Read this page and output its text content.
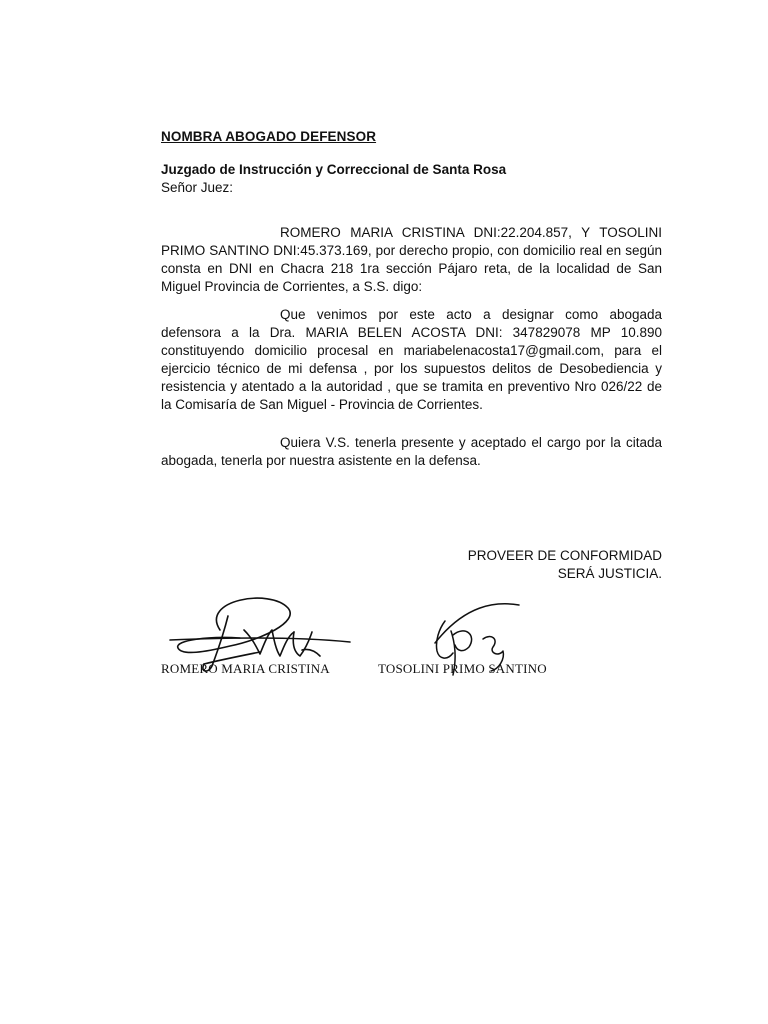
NOMBRA ABOGADO DEFENSOR
Juzgado de Instrucción y Correccional de Santa Rosa
Señor Juez:
ROMERO MARIA CRISTINA DNI:22.204.857, Y TOSOLINI PRIMO SANTINO DNI:45.373.169, por derecho propio, con domicilio real en según consta en DNI en Chacra 218 1ra sección Pájaro reta, de la localidad de San Miguel Provincia de Corrientes, a S.S. digo:
Que venimos por este acto a designar como abogada defensora a la Dra. MARIA BELEN ACOSTA DNI: 347829078 MP 10.890 constituyendo domicilio procesal en mariabelenacosta17@gmail.com, para el ejercicio técnico de mi defensa , por los supuestos delitos de Desobediencia y resistencia y atentado a la autoridad , que se tramita en preventivo Nro 026/22 de la Comisaría de San Miguel - Provincia de Corrientes.
Quiera V.S. tenerla presente y aceptado el cargo por la citada abogada, tenerla por nuestra asistente en la defensa.
PROVEER DE CONFORMIDAD
SERÁ JUSTICIA.
ROMERO MARIA CRISTINA	TOSOLINI PRIMO SANTINO
